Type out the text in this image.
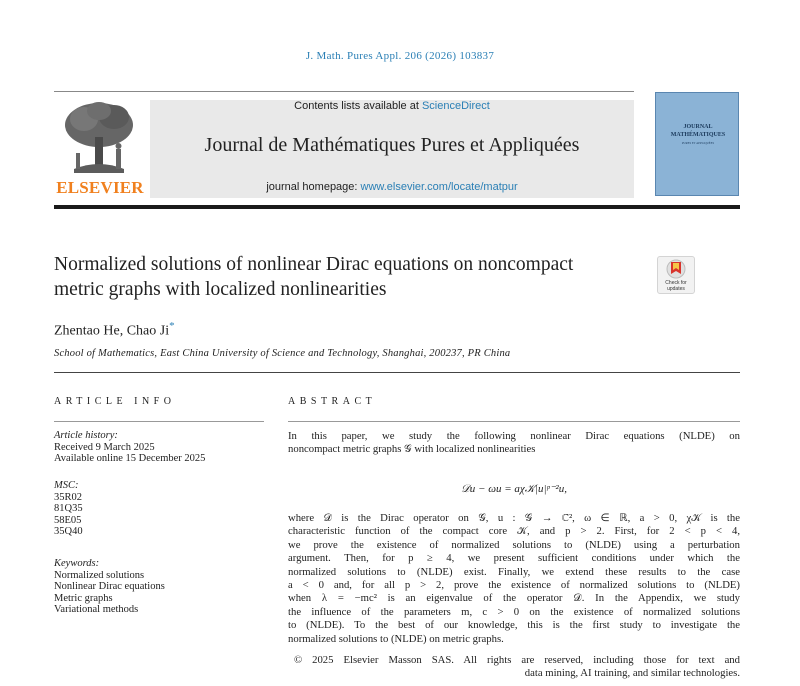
J. Math. Pures Appl. 206 (2026) 103837
ELSEVIER
Contents lists available at ScienceDirect
Journal de Mathématiques Pures et Appliquées
journal homepage: www.elsevier.com/locate/matpur
JOURNAL
MATHÉMATIQUES
PURES ET APPLIQUÉES
Normalized solutions of nonlinear Dirac equations on noncompact
metric graphs with localized nonlinearities	Check for
updates
Zhentao He, Chao Ji*
School of Mathematics, East China University of Science and Technology, Shanghai, 200237, PR China
ARTICLE INFO	ABSTRACT
Article history:
Received 9 March 2025
Available online 15 December 2025
MSC:
35R02
81Q35
58E05
35Q40
Keywords:
Normalized solutions
Nonlinear Dirac equations
Metric graphs
Variational methods
In this paper, we study the following nonlinear Dirac equations (NLDE) on
noncompact metric graphs 𝒢 with localized nonlinearities
𝒟u − ωu = aχ𝒦|u|ᵖ⁻²u,
where 𝒟 is the Dirac operator on 𝒢, u : 𝒢 → ℂ², ω ∈ ℝ, a > 0, χ𝒦 is the
characteristic function of the compact core 𝒦, and p > 2. First, for 2 < p < 4,
we prove the existence of normalized solutions to (NLDE) using a perturbation
argument. Then, for p ≥ 4, we present sufficient conditions under which the
normalized solutions to (NLDE) exist. Finally, we extend these results to the case
a < 0 and, for all p > 2, prove the existence of normalized solutions to (NLDE)
when λ = −mc² is an eigenvalue of the operator 𝒟. In the Appendix, we study
the influence of the parameters m, c > 0 on the existence of normalized solutions
to (NLDE). To the best of our knowledge, this is the first study to investigate the
normalized solutions to (NLDE) on metric graphs.
© 2025 Elsevier Masson SAS. All rights are reserved, including those for text and
data mining, AI training, and similar technologies.
